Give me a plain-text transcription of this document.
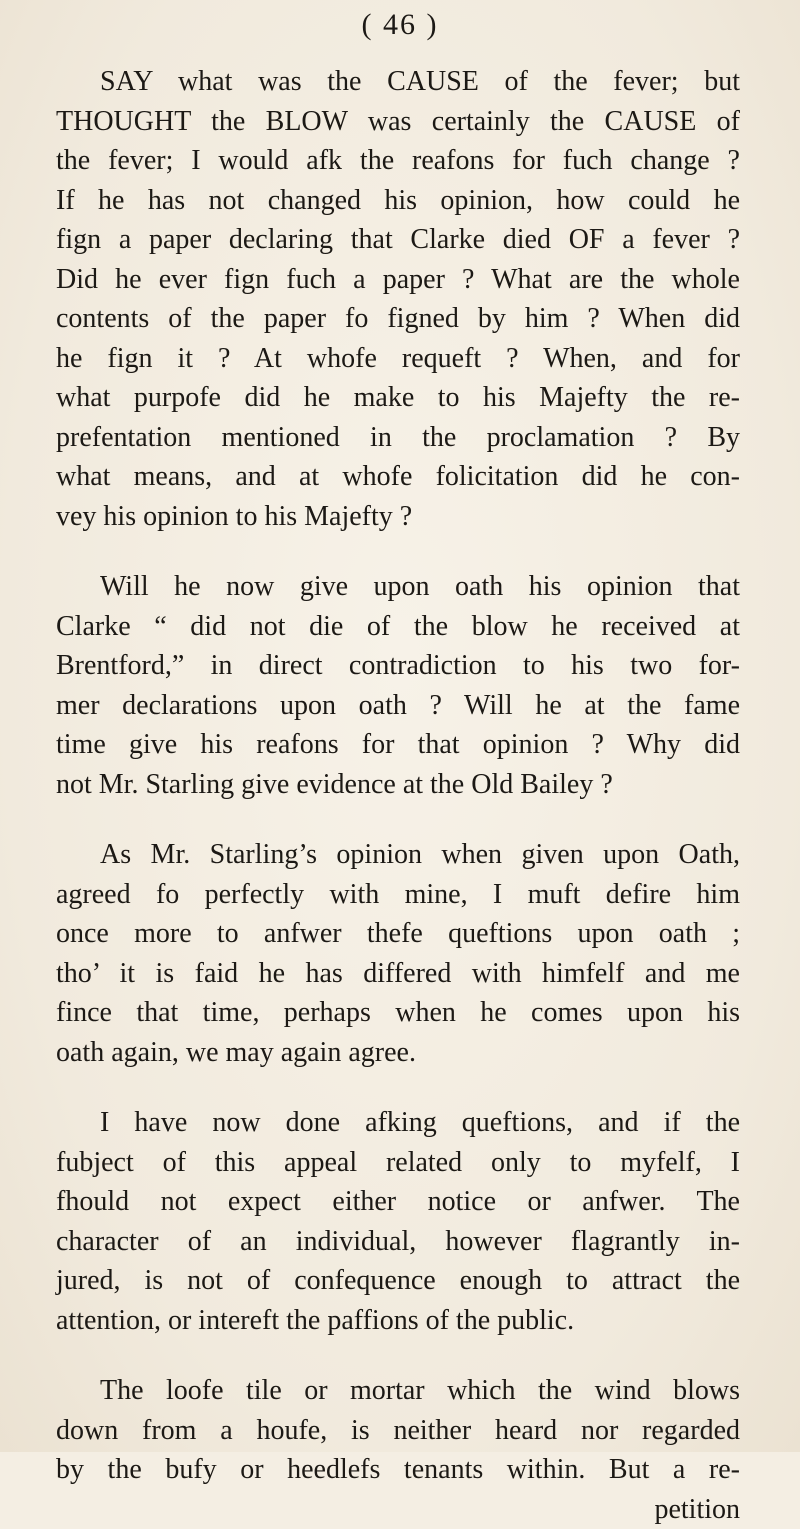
( 46 )
SAY what was the CAUSE of the fever; but
THOUGHT the BLOW was certainly the CAUSE of
the fever; I would afk the reafons for fuch change ?
If he has not changed his opinion, how could he
fign a paper declaring that Clarke died OF a fever ?
Did he ever fign fuch a paper ? What are the whole
contents of the paper fo figned by him ? When did
he fign it ? At whofe requeft ? When, and for
what purpofe did he make to his Majefty the re-
prefentation mentioned in the proclamation ? By
what means, and at whofe folicitation did he con-
vey his opinion to his Majefty ?
Will he now give upon oath his opinion that
Clarke “ did not die of the blow he received at
Brentford,” in direct contradiction to his two for-
mer declarations upon oath ? Will he at the fame
time give his reafons for that opinion ? Why did
not Mr. Starling give evidence at the Old Bailey ?
As Mr. Starling’s opinion when given upon Oath,
agreed fo perfectly with mine, I muft defire him
once more to anfwer thefe queftions upon oath ;
tho’ it is faid he has differed with himfelf and me
fince that time, perhaps when he comes upon his
oath again, we may again agree.
I have now done afking queftions, and if the
fubject of this appeal related only to myfelf, I
fhould not expect either notice or anfwer. The
character of an individual, however flagrantly in-
jured, is not of confequence enough to attract the
attention, or intereft the paffions of the public.
The loofe tile or mortar which the wind blows
down from a houfe, is neither heard nor regarded
by the bufy or heedlefs tenants within. But a re-
petition
